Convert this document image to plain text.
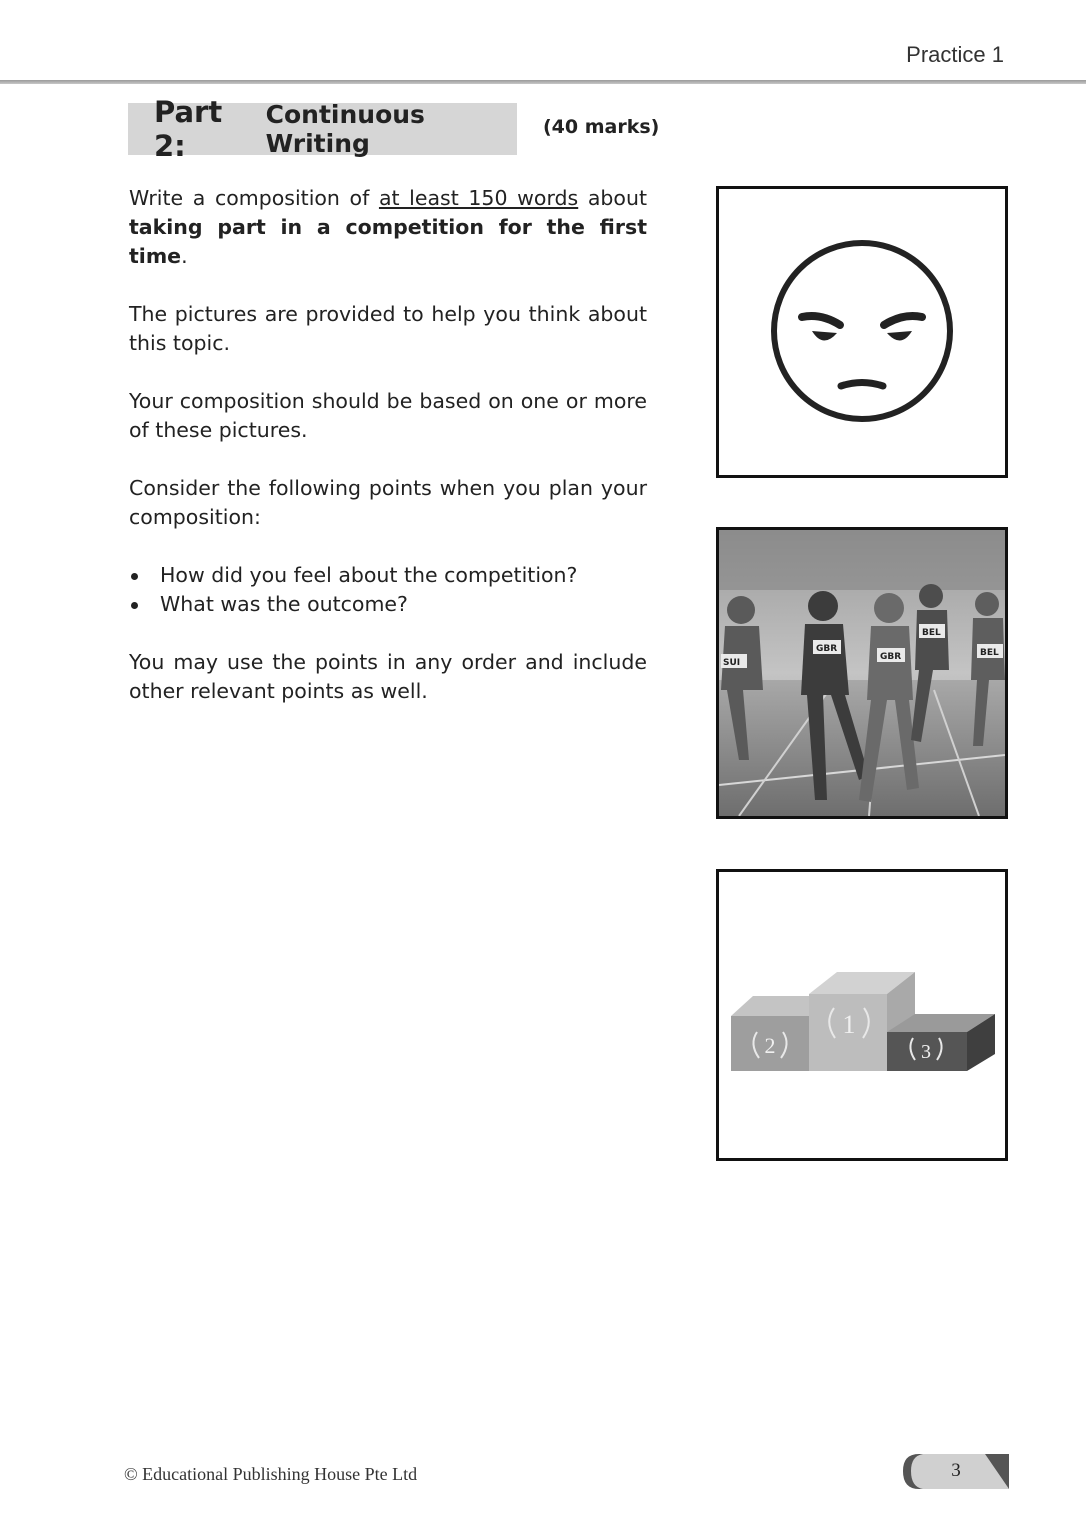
Practice 1
Part 2:
Continuous Writing
(40 marks)

Write a composition of at least 150 words about taking part in a competition for the first time.

The pictures are provided to help you think about this topic.

Your composition should be based on one or more of these pictures.

Consider the following points when you plan your composition:

How did you feel about the competition?
What was the outcome?

You may use the points in any order and include other relevant points as well.

SUI
GBR
GBR
BEL
BEL
2
1
3
© Educational Publishing House Pte Ltd	3
